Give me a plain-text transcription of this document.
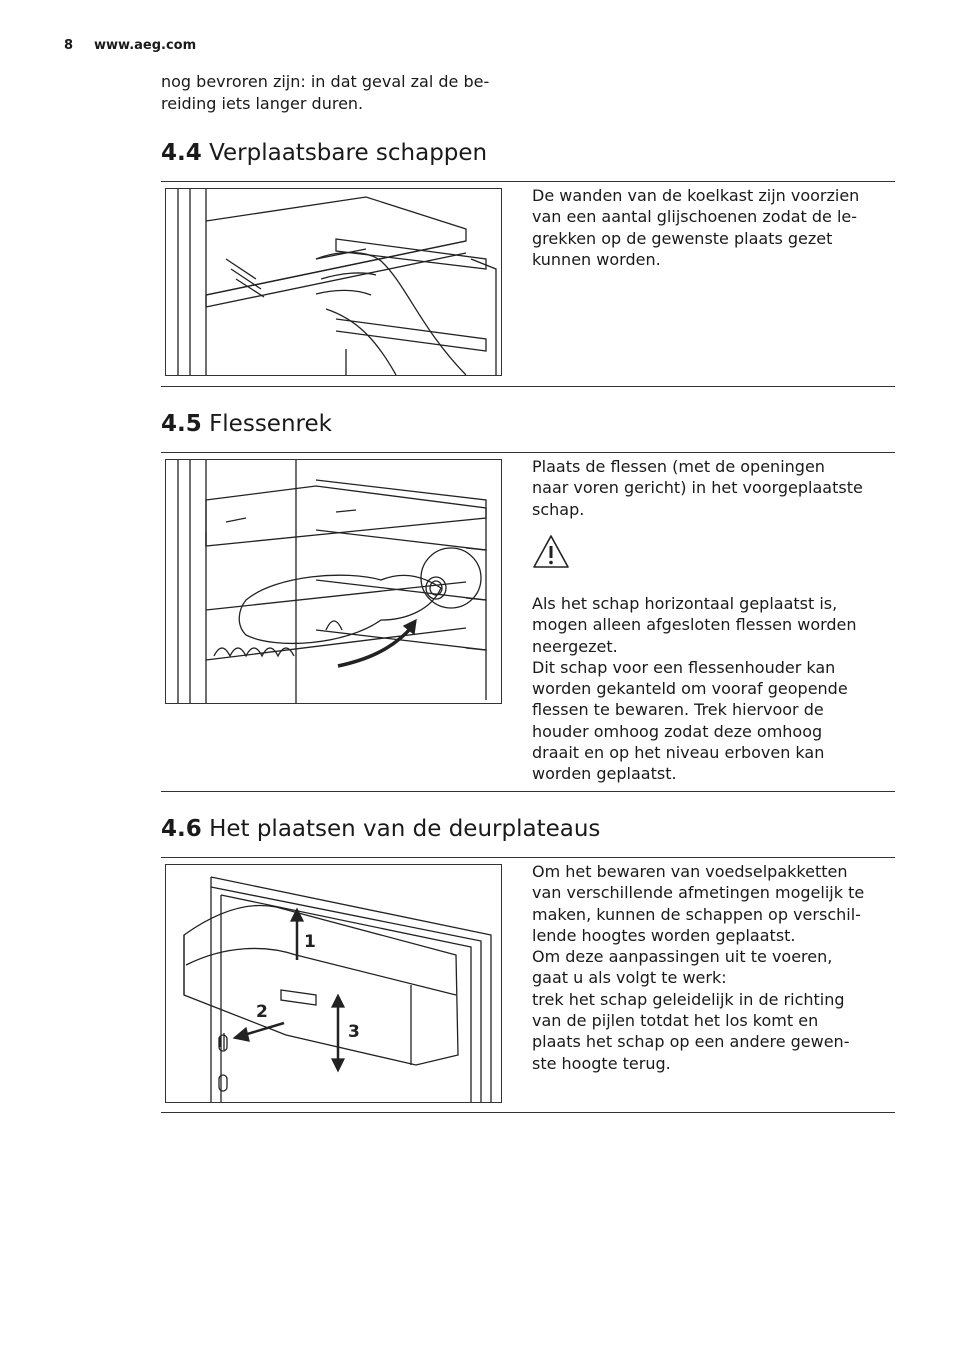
8 www.aeg.com
nog bevroren zijn: in dat geval zal de be-
reiding iets langer duren.
4.4 Verplaatsbare schappen
De wanden van de koelkast zijn voorzien
van een aantal glijschoenen zodat de le-
grekken op de gewenste plaats gezet
kunnen worden.
4.5 Flessenrek
Plaats de flessen (met de openingen
naar voren gericht) in het voorgeplaatste
schap.
Als het schap horizontaal geplaatst is,
mogen alleen afgesloten flessen worden
neergezet.
Dit schap voor een flessenhouder kan
worden gekanteld om vooraf geopende
flessen te bewaren. Trek hiervoor de
houder omhoog zodat deze omhoog
draait en op het niveau erboven kan
worden geplaatst.
4.6 Het plaatsen van de deurplateaus
1
2
3
Om het bewaren van voedselpakketten
van verschillende afmetingen mogelijk te
maken, kunnen de schappen op verschil-
lende hoogtes worden geplaatst.
Om deze aanpassingen uit te voeren,
gaat u als volgt te werk:
trek het schap geleidelijk in de richting
van de pijlen totdat het los komt en
plaats het schap op een andere gewen-
ste hoogte terug.
